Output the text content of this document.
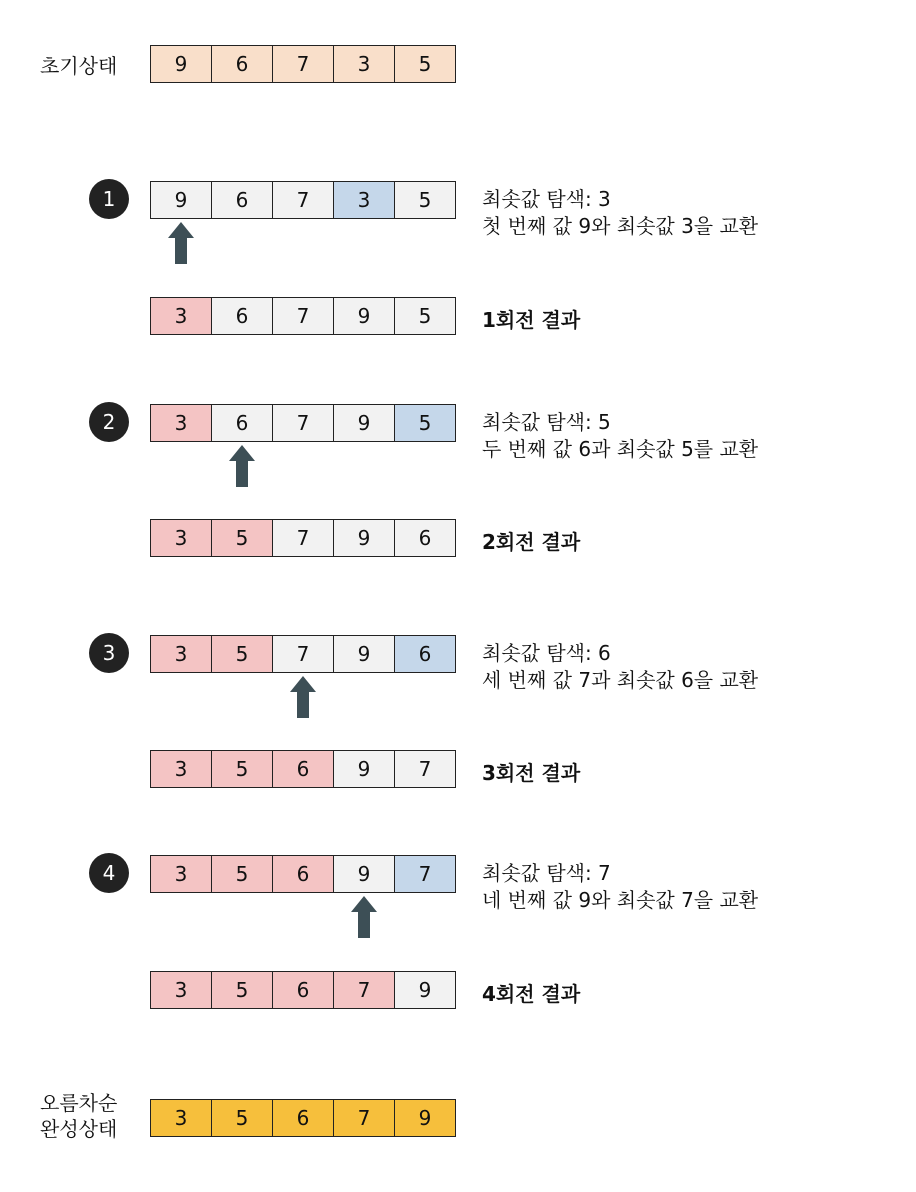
초기상태	9	6	7	3	5
1	9	6	7	3	5	최솟값 탐색: 3
첫 번째 값 9와 최솟값 3을 교환
3	6	7	9	5	1회전 결과
2	3	6	7	9	5	최솟값 탐색: 5
두 번째 값 6과 최솟값 5를 교환
3	5	7	9	6	2회전 결과
3	3	5	7	9	6	최솟값 탐색: 6
세 번째 값 7과 최솟값 6을 교환
3	5	6	9	7	3회전 결과
4	3	5	6	9	7	최솟값 탐색: 7
네 번째 값 9와 최솟값 7을 교환
3	5	6	7	9	4회전 결과
오름차순
완성상태	3	5	6	7	9
